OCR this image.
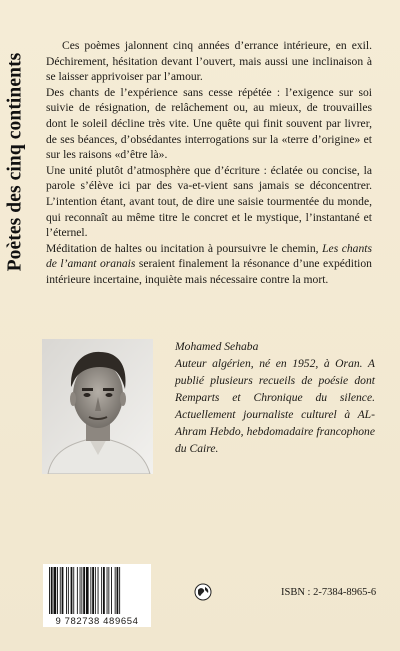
Poètes des cinq continents

Ces poèmes jalonnent cinq années d’errance intérieure, en exil. Déchirement, hésitation devant l’ouvert, mais aussi une inclinaison à se laisser apprivoiser par l’amour.

Des chants de l’expérience sans cesse répétée : l’exigence sur soi suivie de résignation, de relâchement ou, au mieux, de trouvailles dont le soleil décline très vite. Une quête qui finit souvent par livrer, de ses béances, d’obsédantes interrogations sur la «terre d’origine» et sur les raisons «d’être là».

Une unité plutôt d’atmosphère que d’écriture : éclatée ou concise, la parole s’élève ici par des va-et-vient sans jamais se déconcentrer. L’intention étant, avant tout, de dire une saisie tourmentée du monde, qui reconnaît au même titre le concret et le mystique, l’instantané et l’éternel.

Méditation de haltes ou incitation à poursuivre le chemin, Les chants de l’amant oranais seraient finalement la résonance d’une expédition intérieure incertaine, inquiète mais nécessaire contre la mort.

Mohamed Sehaba

Auteur algérien, né en 1952, à Oran. A publié plusieurs recueils de poésie dont Remparts et Chronique du silence. Actuellement journaliste culturel à AL-Ahram Hebdo, hebdomadaire francophone du Caire.

9 782738 489654
ISBN : 2-7384-8965-6
